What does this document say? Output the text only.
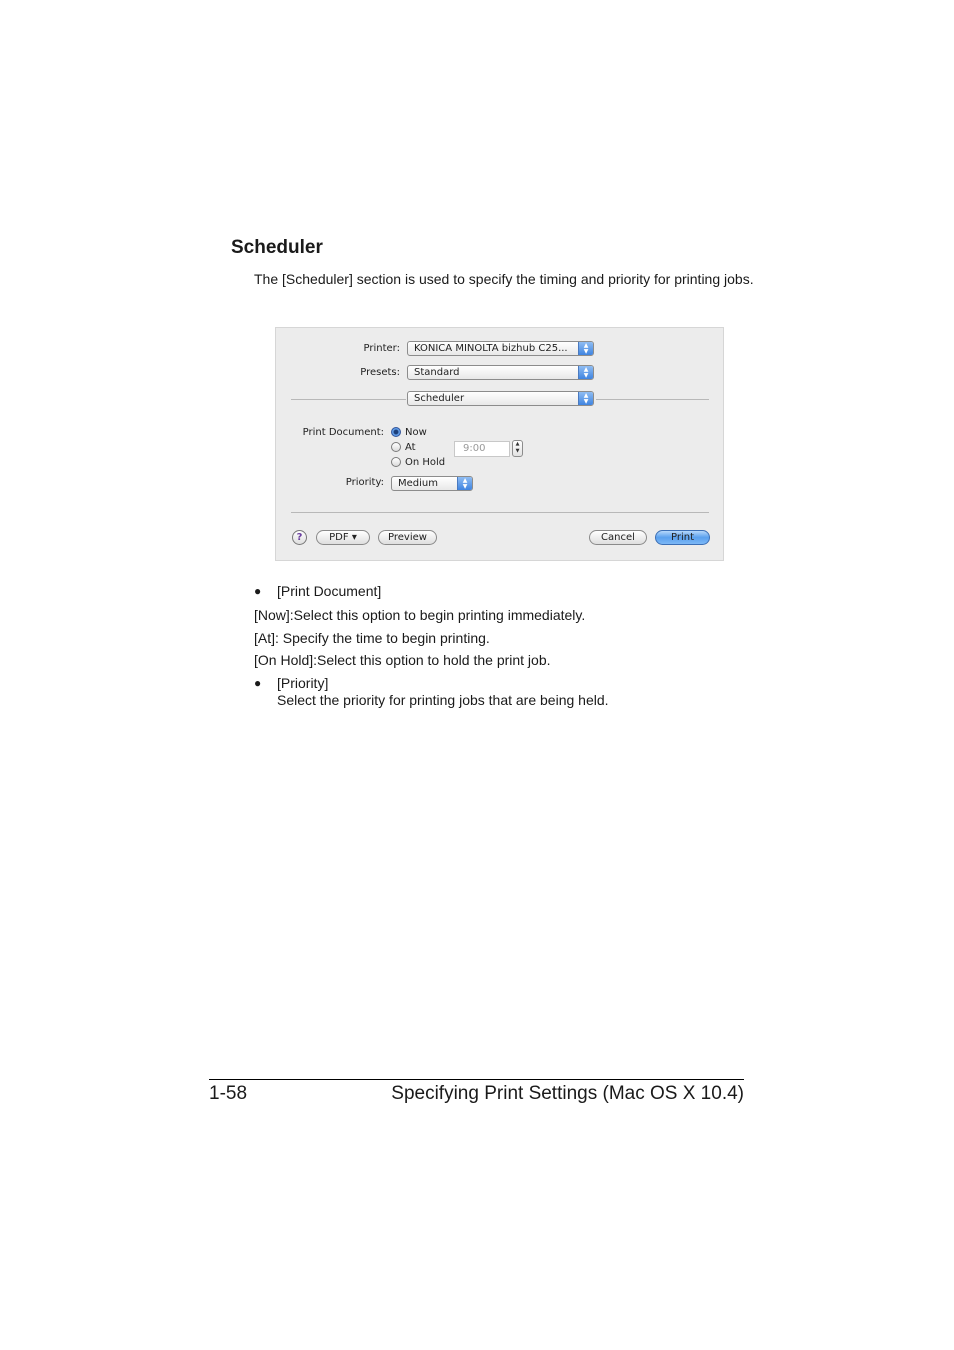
Scheduler
The [Scheduler] section is used to specify the timing and priority for printing jobs.
Printer:	KONICA MINOLTA bizhub C25...	▲
▼
Presets:	Standard	▲
▼
Scheduler	▲
▼
Print Document: Now
At	9:00	▲
▼
On Hold
Priority:	Medium	▲
▼
?	PDF ▾	Preview	Cancel	Print
● [Print Document]
[Now]:Select this option to begin printing immediately.
[At]: Specify the time to begin printing.
[On Hold]:Select this option to hold the print job.
● [Priority]
Select the priority for printing jobs that are being held.
1-58	Specifying Print Settings (Mac OS X 10.4)
